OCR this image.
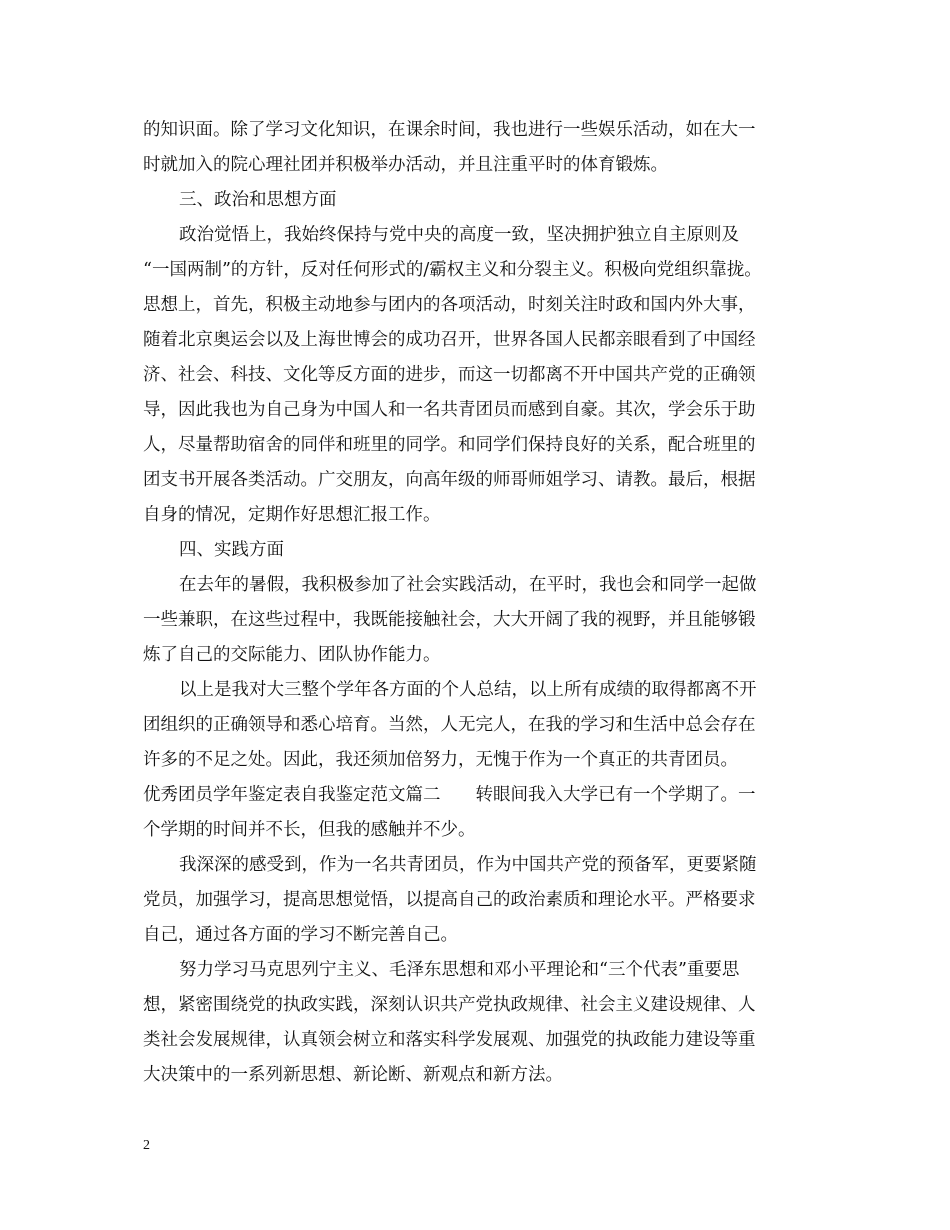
的知识面。除了学习文化知识，在课余时间，我也进行一些娱乐活动，如在大一
时就加入的院心理社团并积极举办活动，并且注重平时的体育锻炼。
三、政治和思想方面
政治觉悟上，我始终保持与党中央的高度一致，坚决拥护独立自主原则及
“一国两制”的方针，反对任何形式的/霸权主义和分裂主义。积极向党组织靠拢。
思想上，首先，积极主动地参与团内的各项活动，时刻关注时政和国内外大事，
随着北京奥运会以及上海世博会的成功召开，世界各国人民都亲眼看到了中国经
济、社会、科技、文化等反方面的进步，而这一切都离不开中国共产党的正确领
导，因此我也为自己身为中国人和一名共青团员而感到自豪。其次，学会乐于助
人，尽量帮助宿舍的同伴和班里的同学。和同学们保持良好的关系，配合班里的
团支书开展各类活动。广交朋友，向高年级的师哥师姐学习、请教。最后，根据
自身的情况，定期作好思想汇报工作。
四、实践方面
在去年的暑假，我积极参加了社会实践活动，在平时，我也会和同学一起做
一些兼职，在这些过程中，我既能接触社会，大大开阔了我的视野，并且能够锻
炼了自己的交际能力、团队协作能力。
以上是我对大三整个学年各方面的个人总结，以上所有成绩的取得都离不开
团组织的正确领导和悉心培育。当然，人无完人，在我的学习和生活中总会存在
许多的不足之处。因此，我还须加倍努力，无愧于作为一个真正的共青团员。
优秀团员学年鉴定表自我鉴定范文篇二　　转眼间我入大学已有一个学期了。一
个学期的时间并不长，但我的感触并不少。
我深深的感受到，作为一名共青团员，作为中国共产党的预备军，更要紧随
党员，加强学习，提高思想觉悟，以提高自己的政治素质和理论水平。严格要求
自己，通过各方面的学习不断完善自己。
努力学习马克思列宁主义、毛泽东思想和邓小平理论和“三个代表”重要思
想，紧密围绕党的执政实践，深刻认识共产党执政规律、社会主义建设规律、人
类社会发展规律，认真领会树立和落实科学发展观、加强党的执政能力建设等重
大决策中的一系列新思想、新论断、新观点和新方法。
2
